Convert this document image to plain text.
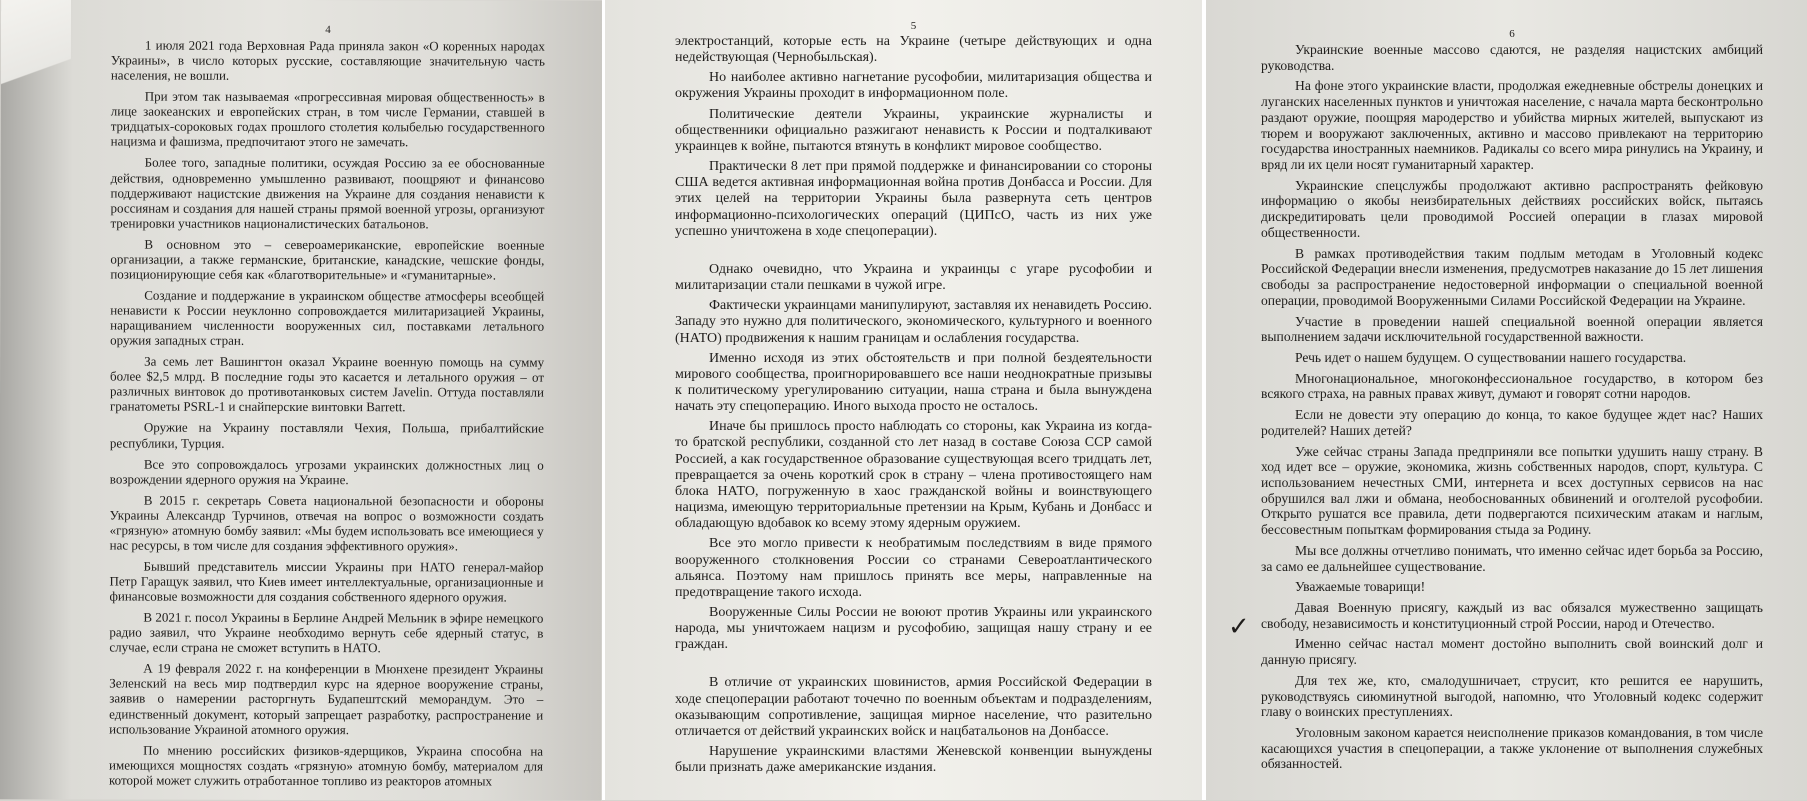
4

1 июля 2021 года Верховная Рада приняла закон «О коренных народах Украины», в число которых русские, составляющие значительную часть населения, не вошли.

При этом так называемая «прогрессивная мировая общественность» в лице заокеанских и европейских стран, в том числе Германии, ставшей в тридцатых-сороковых годах прошлого столетия колыбелью государственного нацизма и фашизма, предпочитают этого не замечать.

Более того, западные политики, осуждая Россию за ее обоснованные действия, одновременно умышленно развивают, поощряют и финансово поддерживают нацистские движения на Украине для создания ненависти к россиянам и создания для нашей страны прямой военной угрозы, организуют тренировки участников националистических батальонов.

В основном это – североамериканские, европейские военные организации, а также германские, британские, канадские, чешские фонды, позиционирующие себя как «благотворительные» и «гуманитарные».

Создание и поддержание в украинском обществе атмосферы всеобщей ненависти к России неуклонно сопровождается милитаризацией Украины, наращиванием численности вооруженных сил, поставками летального оружия западных стран.

За семь лет Вашингтон оказал Украине военную помощь на сумму более $2,5 млрд. В последние годы это касается и летального оружия – от различных винтовок до противотанковых систем Javelin. Оттуда поставляли гранатометы PSRL-1 и снайперские винтовки Barrett.

Оружие на Украину поставляли Чехия, Польша, прибалтийские республики, Турция.

Все это сопровождалось угрозами украинских должностных лиц о возрождении ядерного оружия на Украине.

В 2015 г. секретарь Совета национальной безопасности и обороны Украины Александр Турчинов, отвечая на вопрос о возможности создать «грязную» атомную бомбу заявил: «Мы будем использовать все имеющиеся у нас ресурсы, в том числе для создания эффективного оружия».

Бывший представитель миссии Украины при НАТО генерал-майор Петр Гаращук заявил, что Киев имеет интеллектуальные, организационные и финансовые возможности для создания собственного ядерного оружия.

В 2021 г. посол Украины в Берлине Андрей Мельник в эфире немецкого радио заявил, что Украине необходимо вернуть себе ядерный статус, в случае, если страна не сможет вступить в НАТО.

А 19 февраля 2022 г. на конференции в Мюнхене президент Украины Зеленский на весь мир подтвердил курс на ядерное вооружение страны, заявив о намерении расторгнуть Будапештский меморандум. Это – единственный документ, который запрещает разработку, распространение и использование Украиной атомного оружия.

По мнению российских физиков-ядерщиков, Украина способна на имеющихся мощностях создать «грязную» атомную бомбу, материалом для которой может служить отработанное топливо из реакторов атомных

5

электростанций, которые есть на Украине (четыре действующих и одна недействующая (Чернобыльская).

Но наиболее активно нагнетание русофобии, милитаризация общества и окружения Украины проходит в информационном поле.

Политические деятели Украины, украинские журналисты и общественники официально разжигают ненависть к России и подталкивают украинцев к войне, пытаются втянуть в конфликт мировое сообщество.

Практически 8 лет при прямой поддержке и финансировании со стороны США ведется активная информационная война против Донбасса и России. Для этих целей на территории Украины была развернута сеть центров информационно-психологических операций (ЦИПсО, часть из них уже успешно уничтожена в ходе спецоперации).

Однако очевидно, что Украина и украинцы с угаре русофобии и милитаризации стали пешками в чужой игре.

Фактически украинцами манипулируют, заставляя их ненавидеть Россию. Западу это нужно для политического, экономического, культурного и военного (НАТО) продвижения к нашим границам и ослабления государства.

Именно исходя из этих обстоятельств и при полной бездеятельности мирового сообщества, проигнорировавшего все наши неоднократные призывы к политическому урегулированию ситуации, наша страна и была вынуждена начать эту спецоперацию. Иного выхода просто не осталось.

Иначе бы пришлось просто наблюдать со стороны, как Украина из когда-то братской республики, созданной сто лет назад в составе Союза ССР самой Россией, а как государственное образование существующая всего тридцать лет, превращается за очень короткий срок в страну – члена противостоящего нам блока НАТО, погруженную в хаос гражданской войны и воинствующего нацизма, имеющую территориальные претензии на Крым, Кубань и Донбасс и обладающую вдобавок ко всему этому ядерным оружием.

Все это могло привести к необратимым последствиям в виде прямого вооруженного столкновения России со странами Североатлантического альянса. Поэтому нам пришлось принять все меры, направленные на предотвращение такого исхода.

Вооруженные Силы России не воюют против Украины или украинского народа, мы уничтожаем нацизм и русофобию, защищая нашу страну и ее граждан.

В отличие от украинских шовинистов, армия Российской Федерации в ходе спецоперации работают точечно по военным объектам и подразделениям, оказывающим сопротивление, защищая мирное население, что разительно отличается от действий украинских войск и нацбатальонов на Донбассе.

Нарушение украинскими властями Женевской конвенции вынуждены были признать даже американские издания.

6

Украинские военные массово сдаются, не разделяя нацистских амбиций руководства.

На фоне этого украинские власти, продолжая ежедневные обстрелы донецких и луганских населенных пунктов и уничтожая население, с начала марта бесконтрольно раздают оружие, поощряя мародерство и убийства мирных жителей, выпускают из тюрем и вооружают заключенных, активно и массово привлекают на территорию государства иностранных наемников. Радикалы со всего мира ринулись на Украину, и вряд ли их цели носят гуманитарный характер.

Украинские спецслужбы продолжают активно распространять фейковую информацию о якобы неизбирательных действиях российских войск, пытаясь дискредитировать цели проводимой Россией операции в глазах мировой общественности.

В рамках противодействия таким подлым методам в Уголовный кодекс Российской Федерации внесли изменения, предусмотрев наказание до 15 лет лишения свободы за распространение недостоверной информации о специальной военной операции, проводимой Вооруженными Силами Российской Федерации на Украине.

Участие в проведении нашей специальной военной операции является выполнением задачи исключительной государственной важности.

Речь идет о нашем будущем. О существовании нашего государства.

Многонациональное, многоконфессиональное государство, в котором без всякого страха, на равных правах живут, думают и говорят сотни народов.

Если не довести эту операцию до конца, то какое будущее ждет нас? Наших родителей? Наших детей?

Уже сейчас страны Запада предприняли все попытки удушить нашу страну. В ход идет все – оружие, экономика, жизнь собственных народов, спорт, культура. С использованием нечестных СМИ, интернета и всех доступных сервисов на нас обрушился вал лжи и обмана, необоснованных обвинений и оголтелой русофобии. Открыто рушатся все правила, дети подвергаются психическим атакам и наглым, бессовестным попыткам формирования стыда за Родину.

Мы все должны отчетливо понимать, что именно сейчас идет борьба за Россию, за само ее дальнейшее существование.

Уважаемые товарищи!

Давая Военную присягу, каждый из вас обязался мужественно защищать свободу, независимость и конституционный строй России, народ и Отечество.

Именно сейчас настал момент достойно выполнить свой воинский долг и данную присягу.

Для тех же, кто, смалодушничает, струсит, кто решится ее нарушить, руководствуясь сиюминутной выгодой, напомню, что Уголовный кодекс содержит главу о воинских преступлениях.

Уголовным законом карается неисполнение приказов командования, в том числе касающихся участия в спецоперации, а также уклонение от выполнения служебных обязанностей.

✓
